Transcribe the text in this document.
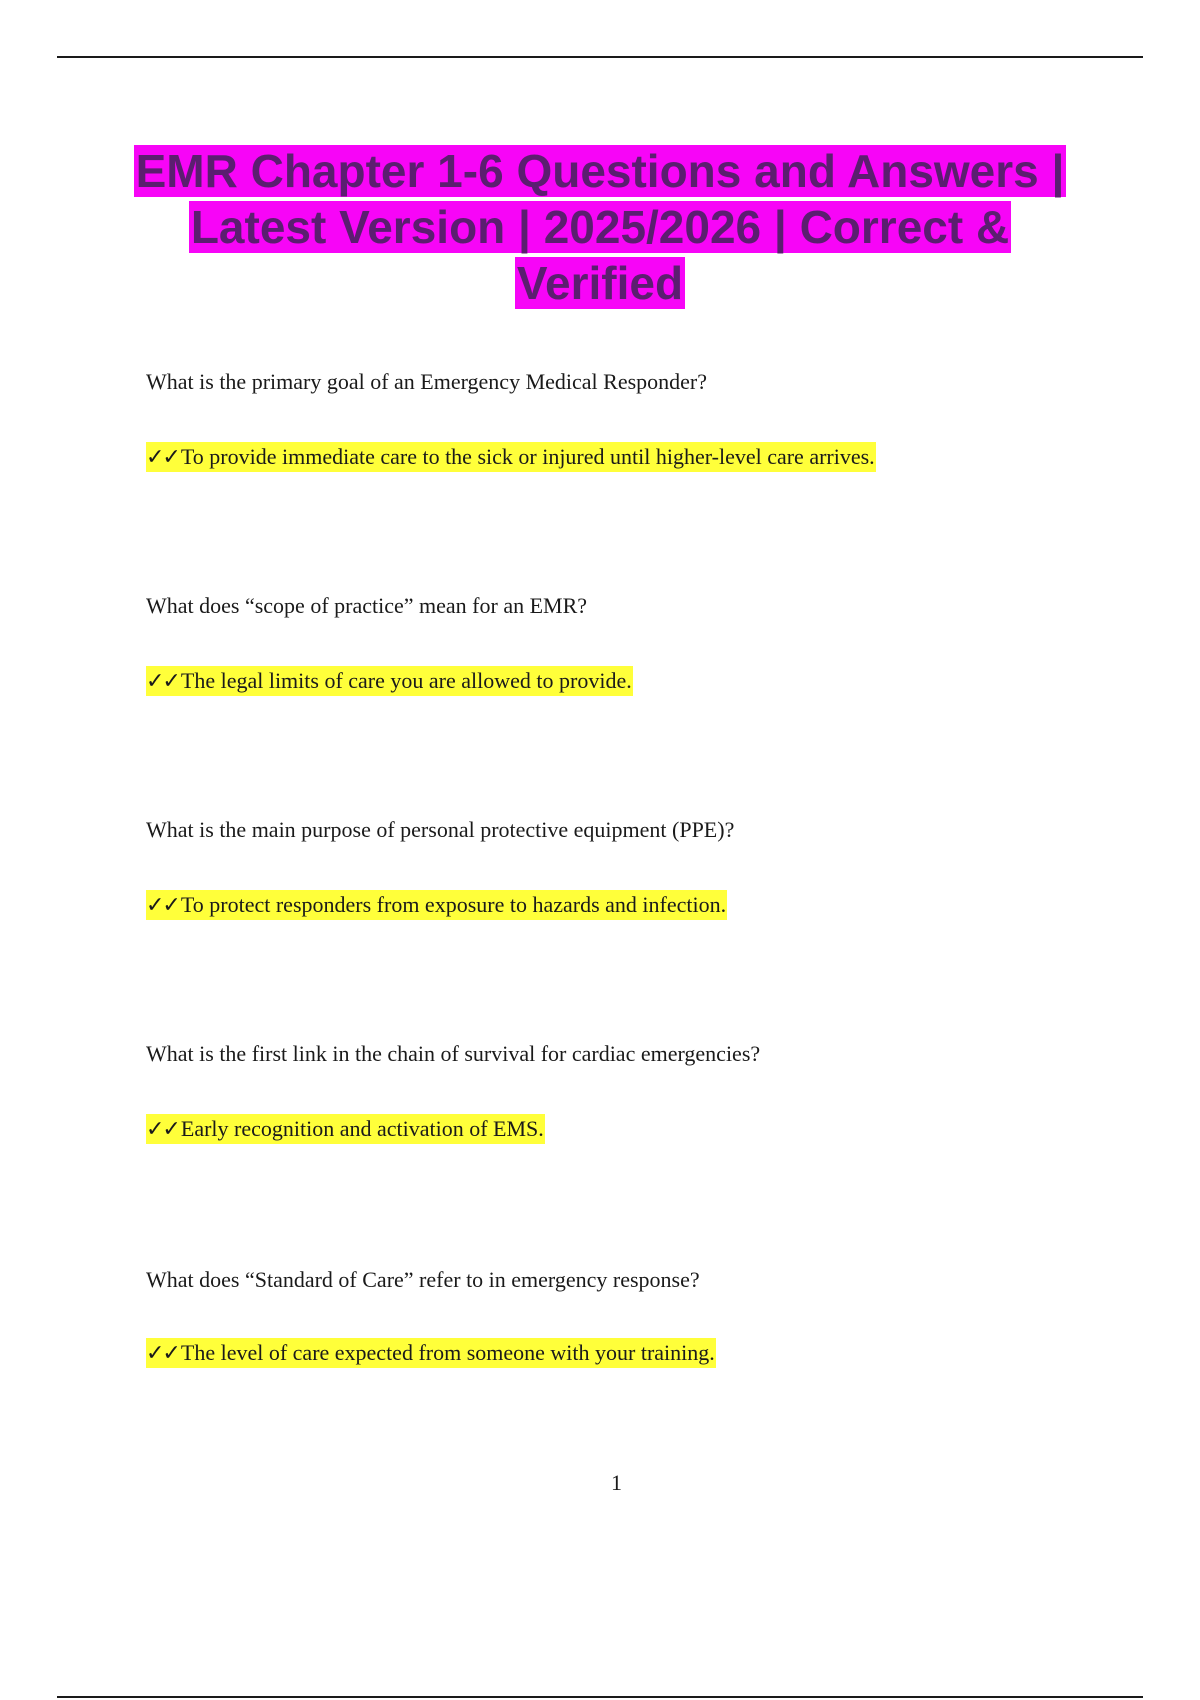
EMR Chapter 1-6 Questions and Answers | Latest Version | 2025/2026 | Correct & Verified

What is the primary goal of an Emergency Medical Responder?

✓✓To provide immediate care to the sick or injured until higher-level care arrives.

What does “scope of practice” mean for an EMR?

✓✓The legal limits of care you are allowed to provide.

What is the main purpose of personal protective equipment (PPE)?

✓✓To protect responders from exposure to hazards and infection.

What is the first link in the chain of survival for cardiac emergencies?

✓✓Early recognition and activation of EMS.

What does “Standard of Care” refer to in emergency response?

✓✓The level of care expected from someone with your training.

1
